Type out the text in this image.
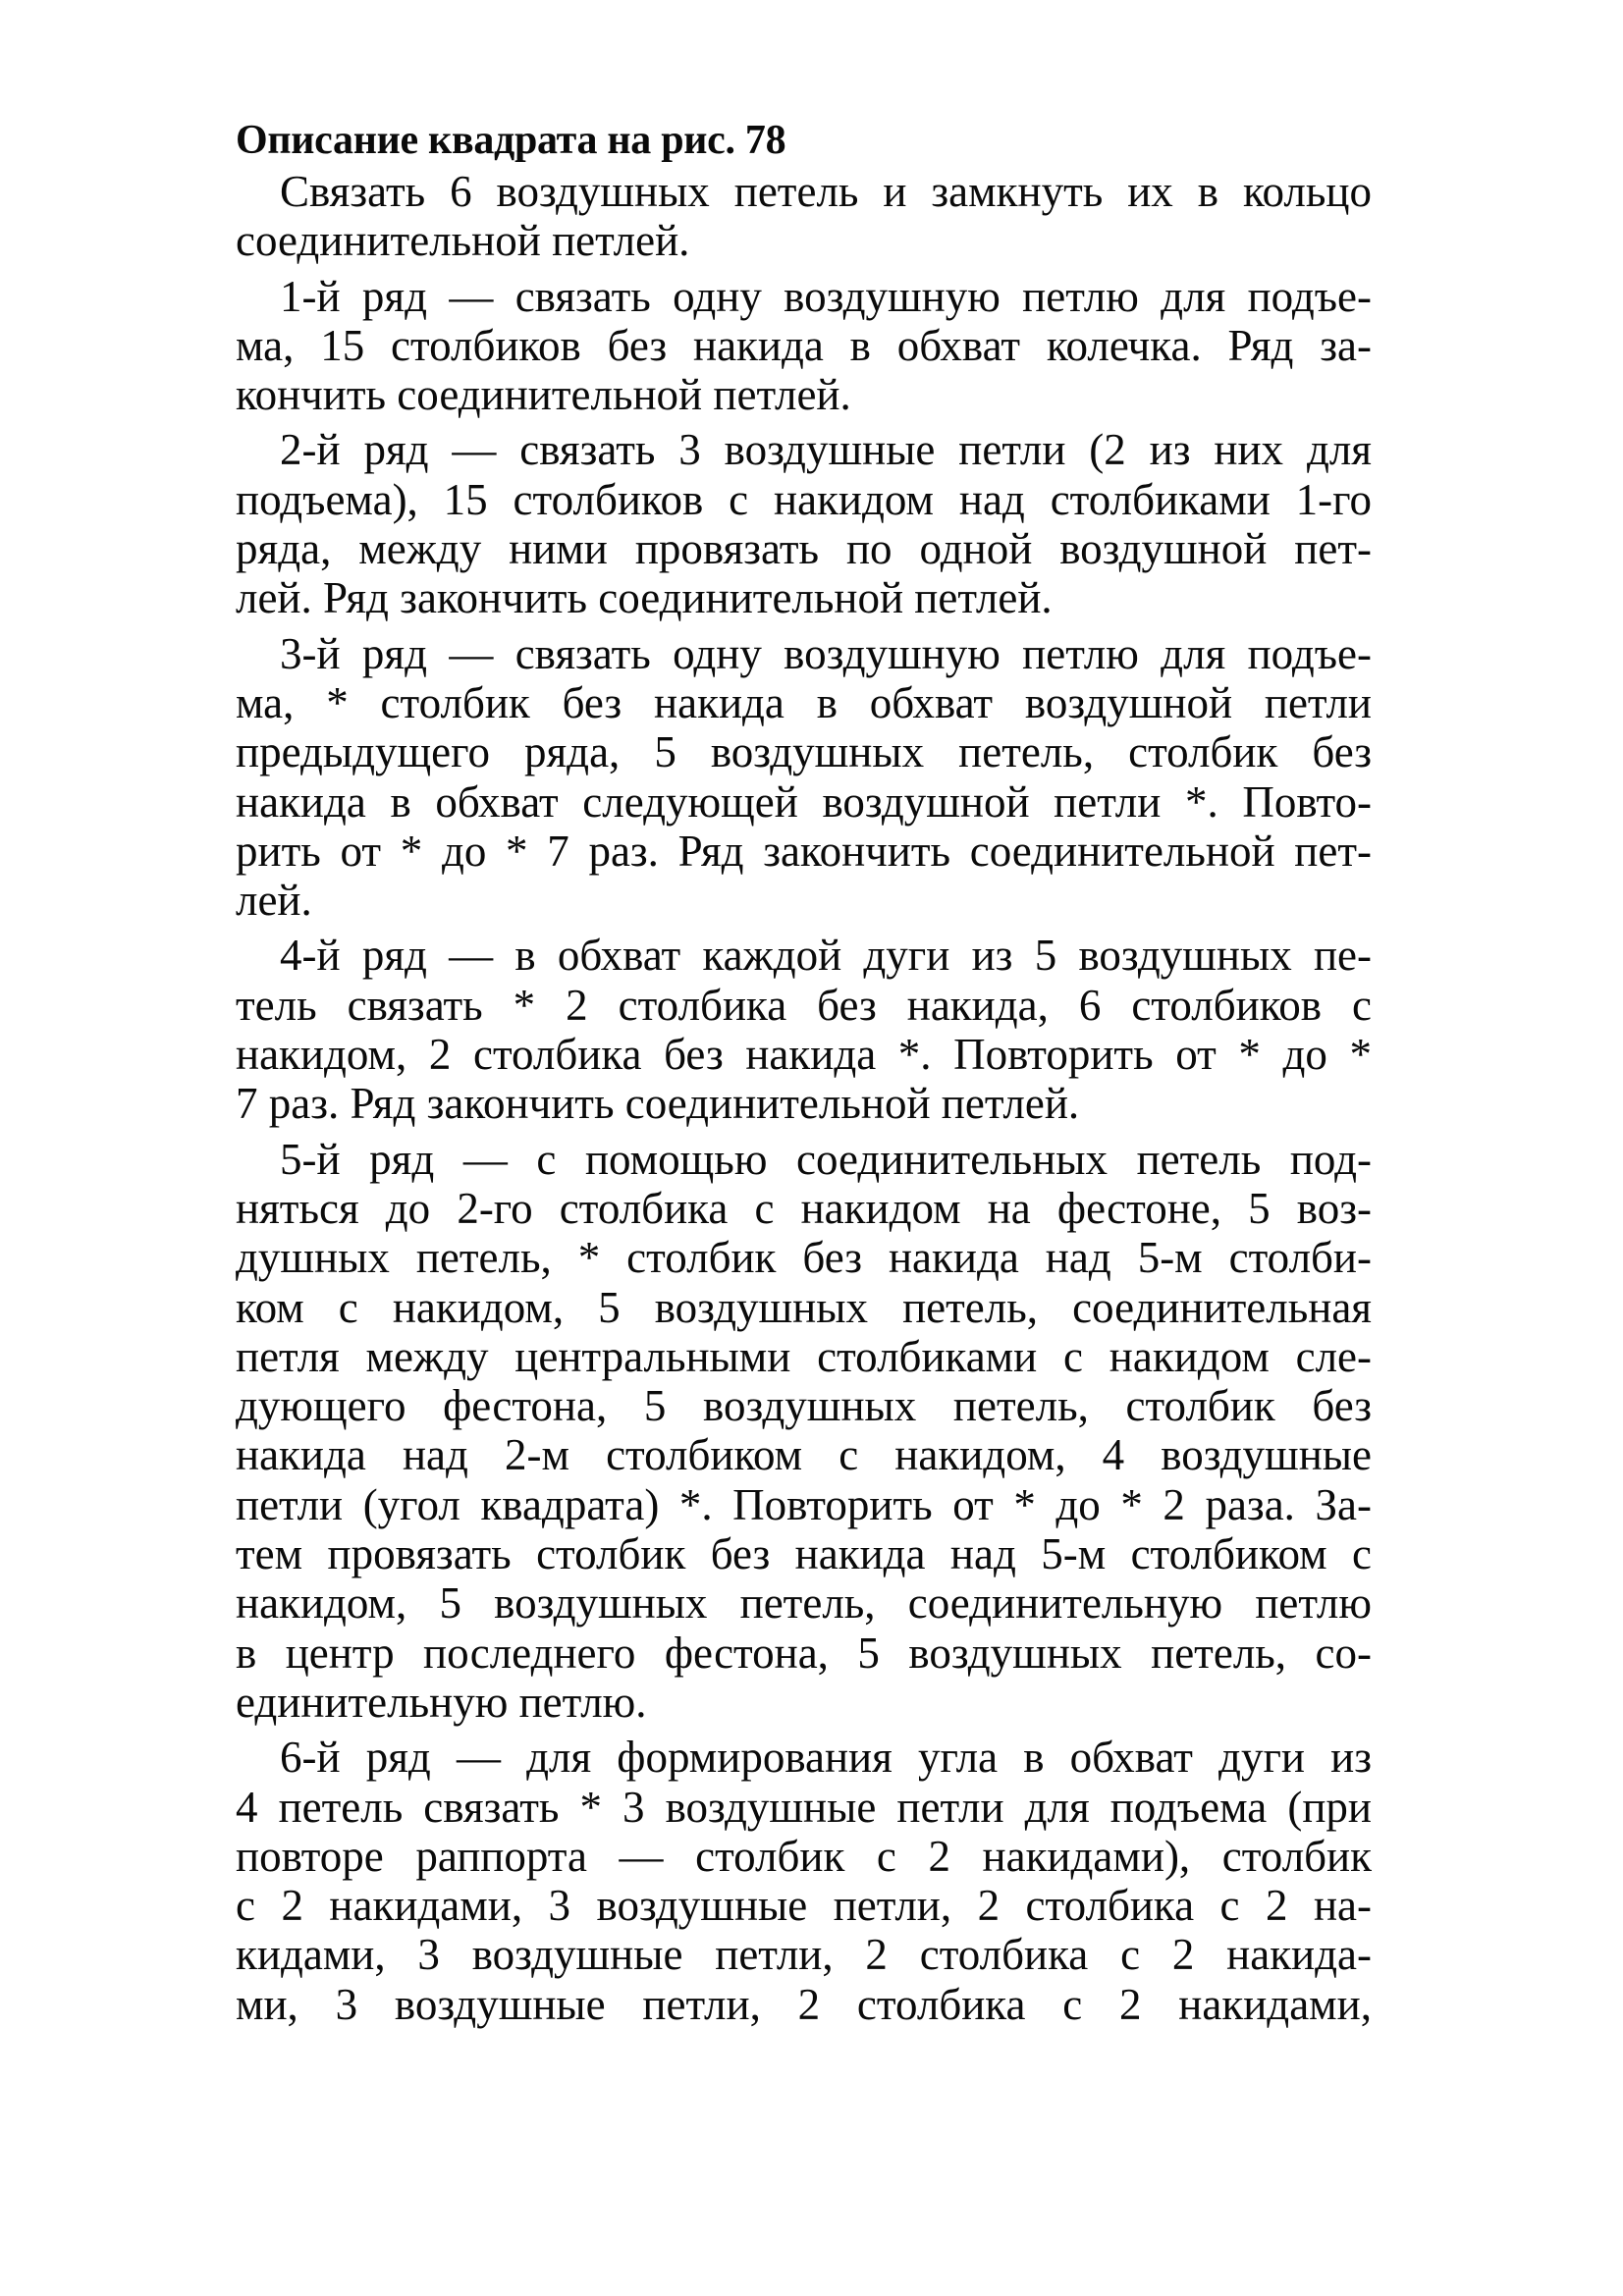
Описание квадрата на рис. 78
Связать 6 воздушных петель и замкнуть их в кольцо
соединительной петлей.
1-й ряд — связать одну воздушную петлю для подъе-
ма, 15 столбиков без накида в обхват колечка. Ряд за-
кончить соединительной петлей.
2-й ряд — связать 3 воздушные петли (2 из них для
подъема), 15 столбиков с накидом над столбиками 1-го
ряда, между ними провязать по одной воздушной пет-
лей. Ряд закончить соединительной петлей.
3-й ряд — связать одну воздушную петлю для подъе-
ма, * столбик без накида в обхват воздушной петли
предыдущего ряда, 5 воздушных петель, столбик без
накида в обхват следующей воздушной петли *. Повто-
рить от * до * 7 раз. Ряд закончить соединительной пет-
лей.
4-й ряд — в обхват каждой дуги из 5 воздушных пе-
тель связать * 2 столбика без накида, 6 столбиков с
накидом, 2 столбика без накида *. Повторить от * до *
7 раз. Ряд закончить соединительной петлей.
5-й ряд — с помощью соединительных петель под-
няться до 2-го столбика с накидом на фестоне, 5 воз-
душных петель, * столбик без накида над 5-м столби-
ком с накидом, 5 воздушных петель, соединительная
петля между центральными столбиками с накидом сле-
дующего фестона, 5 воздушных петель, столбик без
накида над 2-м столбиком с накидом, 4 воздушные
петли (угол квадрата) *. Повторить от * до * 2 раза. За-
тем провязать столбик без накида над 5-м столбиком с
накидом, 5 воздушных петель, соединительную петлю
в центр последнего фестона, 5 воздушных петель, со-
единительную петлю.
6-й ряд — для формирования угла в обхват дуги из
4 петель связать * 3 воздушные петли для подъема (при
повторе раппорта — столбик с 2 накидами), столбик
с 2 накидами, 3 воздушные петли, 2 столбика с 2 на-
кидами, 3 воздушные петли, 2 столбика с 2 накида-
ми, 3 воздушные петли, 2 столбика с 2 накидами,
